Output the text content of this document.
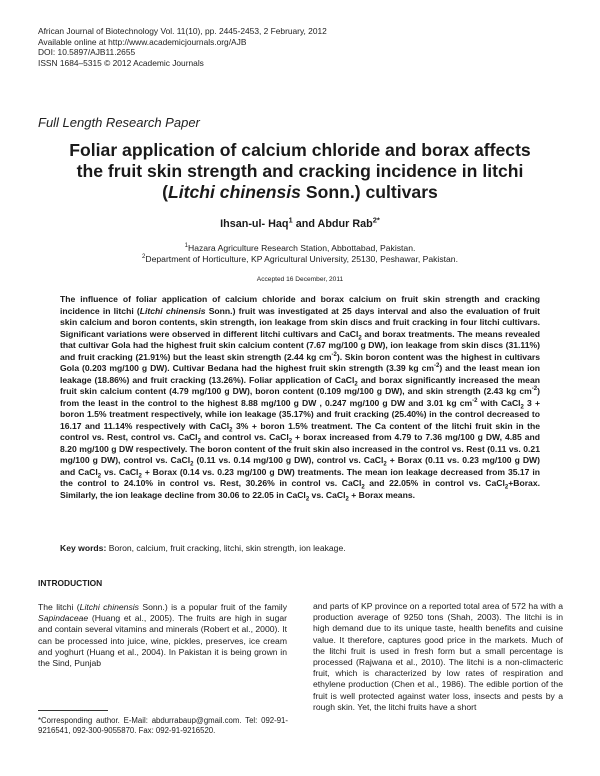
African Journal of Biotechnology Vol. 11(10), pp. 2445-2453, 2 February, 2012
Available online at http://www.academicjournals.org/AJB
DOI: 10.5897/AJB11.2655
ISSN 1684–5315 © 2012 Academic Journals
Full Length Research Paper
Foliar application of calcium chloride and borax affects
the fruit skin strength and cracking incidence in litchi
(Litchi chinensis Sonn.) cultivars
Ihsan-ul- Haq$^1$ and Abdur Rab$^{2*}$
$^1$Hazara Agriculture Research Station, Abbottabad, Pakistan.
$^2$Department of Horticulture, KP Agricultural University, 25130, Peshawar, Pakistan.
Accepted 16 December, 2011
The influence of foliar application of calcium chloride and borax calcium on fruit skin strength and cracking incidence in litchi (Litchi chinensis Sonn.) fruit was investigated at 25 days interval and also the evaluation of fruit skin calcium and boron contents, skin strength, ion leakage from skin discs and fruit cracking in four litchi cultivars. Significant variations were observed in different litchi cultivars and CaCl$_2$ and borax treatments. The means revealed that cultivar Gola had the highest fruit skin calcium content (7.67 mg/100 g DW), ion leakage from skin discs (31.11%) and fruit cracking (21.91%) but the least skin strength (2.44 kg $cm^{-2}$). Skin boron content was the highest in cultivars Gola (0.203 mg/100 g DW). Cultivar Bedana had the highest fruit skin strength (3.39 kg $cm^{-2}$) and the least mean ion leakage (18.86%) and fruit cracking (13.26%). Foliar application of CaCl$_2$ and borax significantly increased the mean fruit skin calcium content (4.79 mg/100 g DW), boron content (0.109 mg/100 g DW), and skin strength (2.43 kg $cm^{-2}$) from the least in the control to the highest 8.88 mg/100 g DW , 0.247 mg/100 g DW and 3.01 kg $cm^{-2}$ with CaCl$_2$ 3 + boron 1.5% treatment respectively, while ion leakage (35.17%) and fruit cracking (25.40%) in the control decreased to 16.17 and 11.14% respectively with CaCl$_2$ 3% + boron 1.5% treatment. The Ca content of the litchi fruit skin in the control vs. Rest, control vs. CaCl$_2$ and control vs. CaCl$_2$ + borax increased from 4.79 to 7.36 mg/100 g DW, 4.85 and 8.20 mg/100 g DW respectively. The boron content of the fruit skin also increased in the control vs. Rest (0.11 vs. 0.21 mg/100 g DW), control vs. CaCl$_2$ (0.11 vs. 0.14 mg/100 g DW), control vs. CaCl$_2$ + Borax (0.11 vs. 0.23 mg/100 g DW) and CaCl$_2$ vs. CaCl$_2$ + Borax (0.14 vs. 0.23 mg/100 g DW) treatments. The mean ion leakage decreased from 35.17 in the control to 24.10% in control vs. Rest, 30.26% in control vs. CaCl$_2$ and 22.05% in control vs. CaCl$_2$+Borax. Similarly, the ion leakage decline from 30.06 to 22.05 in CaCl$_2$ vs. CaCl$_2$ + Borax means.
Key words: Boron, calcium, fruit cracking, litchi, skin strength, ion leakage.
INTRODUCTION
The litchi (Litchi chinensis Sonn.) is a popular fruit of the family Sapindaceae (Huang et al., 2005). The fruits are high in sugar and contain several vitamins and minerals (Robert et al., 2000). It can be processed into juice, wine, pickles, preserves, ice cream and yoghurt (Huang et al., 2004). In Pakistan it is being grown in the Sind, Punjab
and parts of KP province on a reported total area of 572 ha with a production average of 9250 tons (Shah, 2003). The litchi is in high demand due to its unique taste, health benefits and cuisine value. It therefore, captures good price in the markets. Much of the litchi fruit is used in fresh form but a small percentage is processed (Rajwana et al., 2010). The litchi is a non-climacteric fruit, which is characterized by low rates of respiration and ethylene production (Chen et al., 1986). The edible portion of the fruit is well protected against water loss, insects and pests by a rough skin. Yet, the litchi fruits have a short
*Corresponding author. E-Mail: abdurrabaup@gmail.com. Tel: 092-91-9216541, 092-300-9055870. Fax: 092-91-9216520.
